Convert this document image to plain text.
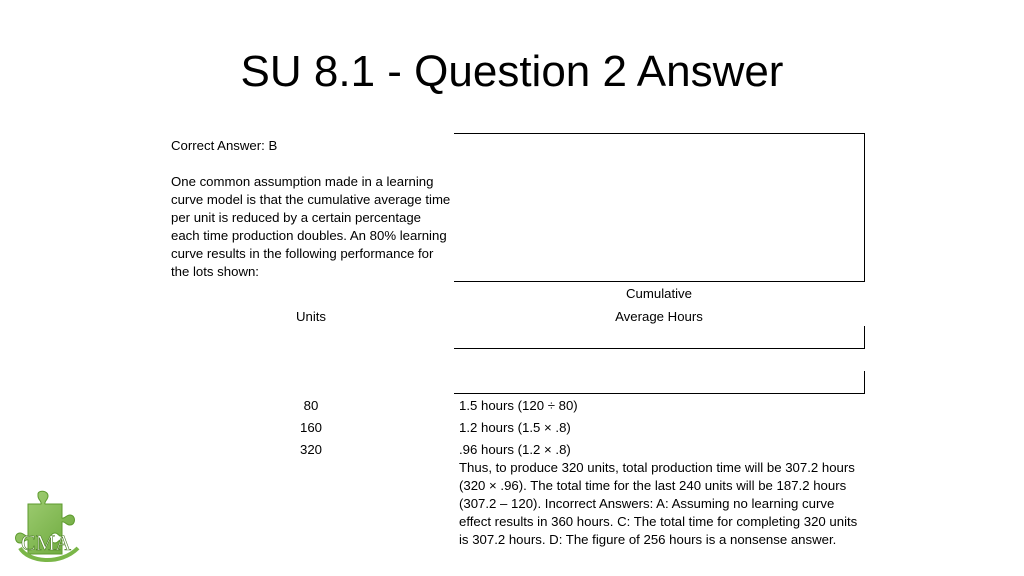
SU 8.1 - Question 2 Answer
Correct Answer: B
One common assumption made in a learning curve model is that the cumulative average time per unit is reduced by a certain percentage each time production doubles. An 80% learning curve results in the following performance for the lots shown:
Cumulative
Units	Average Hours
80	1.5 hours (120 ÷ 80)
160	1.2 hours (1.5 × .8)
320	.96 hours (1.2 × .8)
Thus, to produce 320 units, total production time will be 307.2 hours (320 × .96). The total time for the last 240 units will be 187.2 hours (307.2 – 120). Incorrect Answers: A: Assuming no learning curve effect results in 360 hours. C: The total time for completing 320 units is 307.2 hours. D: The figure of 256 hours is a nonsense answer.
CMA
